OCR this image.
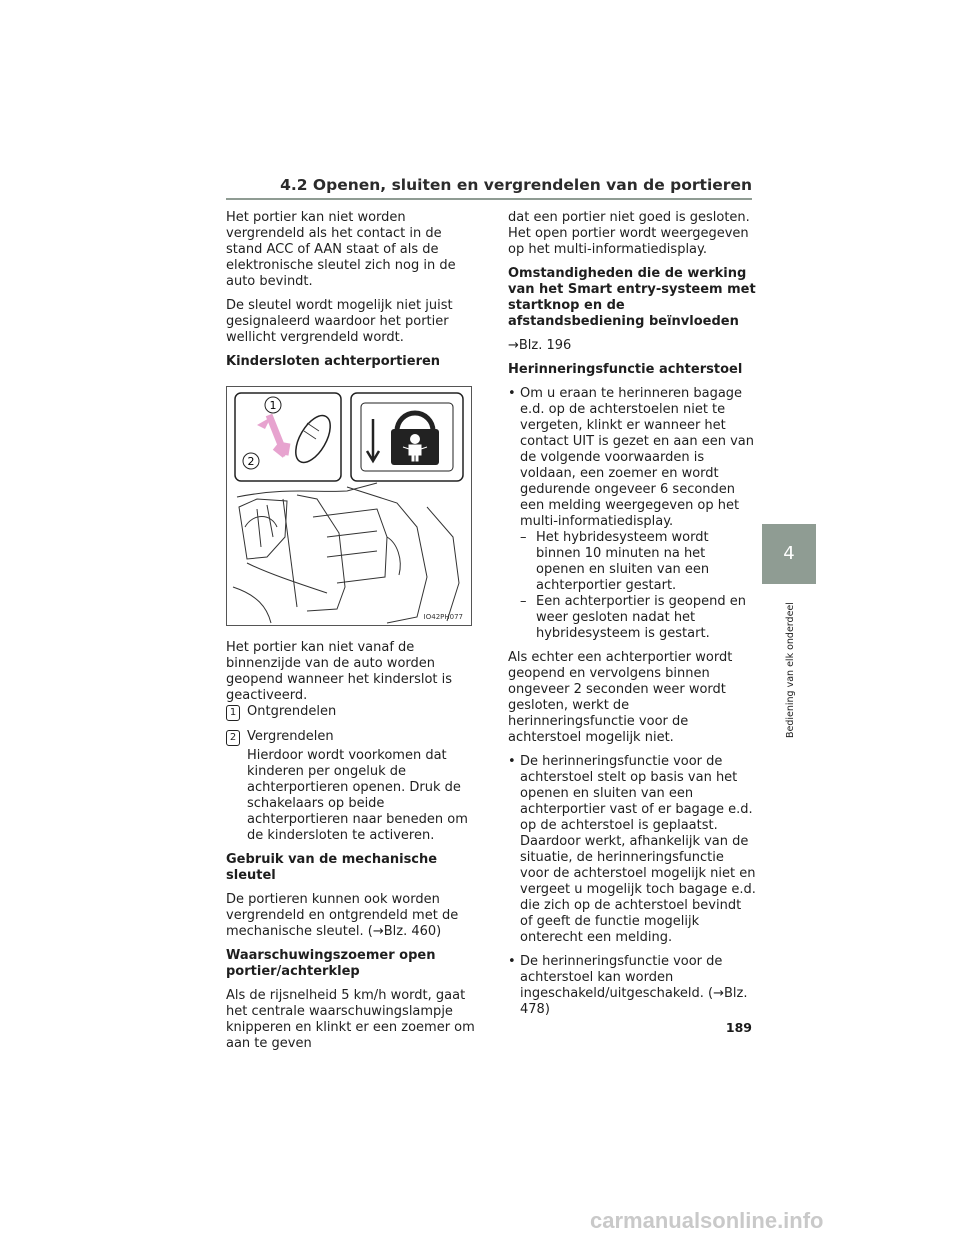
4.2 Openen, sluiten en vergrendelen van de portieren

Het portier kan niet worden vergrendeld als het contact in de stand ACC of AAN staat of als de elektronische sleutel zich nog in de auto bevindt.

De sleutel wordt mogelijk niet juist gesignaleerd waardoor het portier wellicht vergrendeld wordt.

Kindersloten achterportieren
1
2
IO42PH077

Het portier kan niet vanaf de binnenzijde van de auto worden geopend wanneer het kinderslot is geactiveerd.

1 Ontgrendelen
2 Vergrendelen

Hierdoor wordt voorkomen dat kinderen per ongeluk de achterportieren openen. Druk de schakelaars op beide achterportieren naar beneden om de kindersloten te activeren.

Gebruik van de mechanische sleutel

De portieren kunnen ook worden vergrendeld en ontgrendeld met de mechanische sleutel. (→Blz. 460)

Waarschuwingszoemer open portier/achterklep

Als de rijsnelheid 5 km/h wordt, gaat het centrale waarschuwingslampje knipperen en klinkt er een zoemer om aan te geven

dat een portier niet goed is gesloten. Het open portier wordt weergegeven op het multi-informatiedisplay.

Omstandigheden die de werking van het Smart entry-systeem met startknop en de afstandsbediening beïnvloeden

→Blz. 196

Herinneringsfunctie achterstoel
• Om u eraan te herinneren bagage e.d. op de achterstoelen niet te vergeten, klinkt er wanneer het contact UIT is gezet en aan een van de volgende voorwaarden is voldaan, een zoemer en wordt gedurende ongeveer 6 seconden een melding weergegeven op het multi-informatiedisplay.
– Het hybridesysteem wordt binnen 10 minuten na het openen en sluiten van een achterportier gestart.
– Een achterportier is geopend en weer gesloten nadat het hybridesysteem is gestart.

Als echter een achterportier wordt geopend en vervolgens binnen ongeveer 2 seconden weer wordt gesloten, werkt de herinneringsfunctie voor de achterstoel mogelijk niet.

• De herinneringsfunctie voor de achterstoel stelt op basis van het openen en sluiten van een achterportier vast of er bagage e.d. op de achterstoel is geplaatst. Daardoor werkt, afhankelijk van de situatie, de herinneringsfunctie voor de achterstoel mogelijk niet en vergeet u mogelijk toch bagage e.d. die zich op de achterstoel bevindt of geeft de functie mogelijk onterecht een melding.
• De herinneringsfunctie voor de achterstoel kan worden ingeschakeld/uitgeschakeld. (→Blz. 478)
4
Bediening van elk onderdeel
189
carmanualsonline.info
